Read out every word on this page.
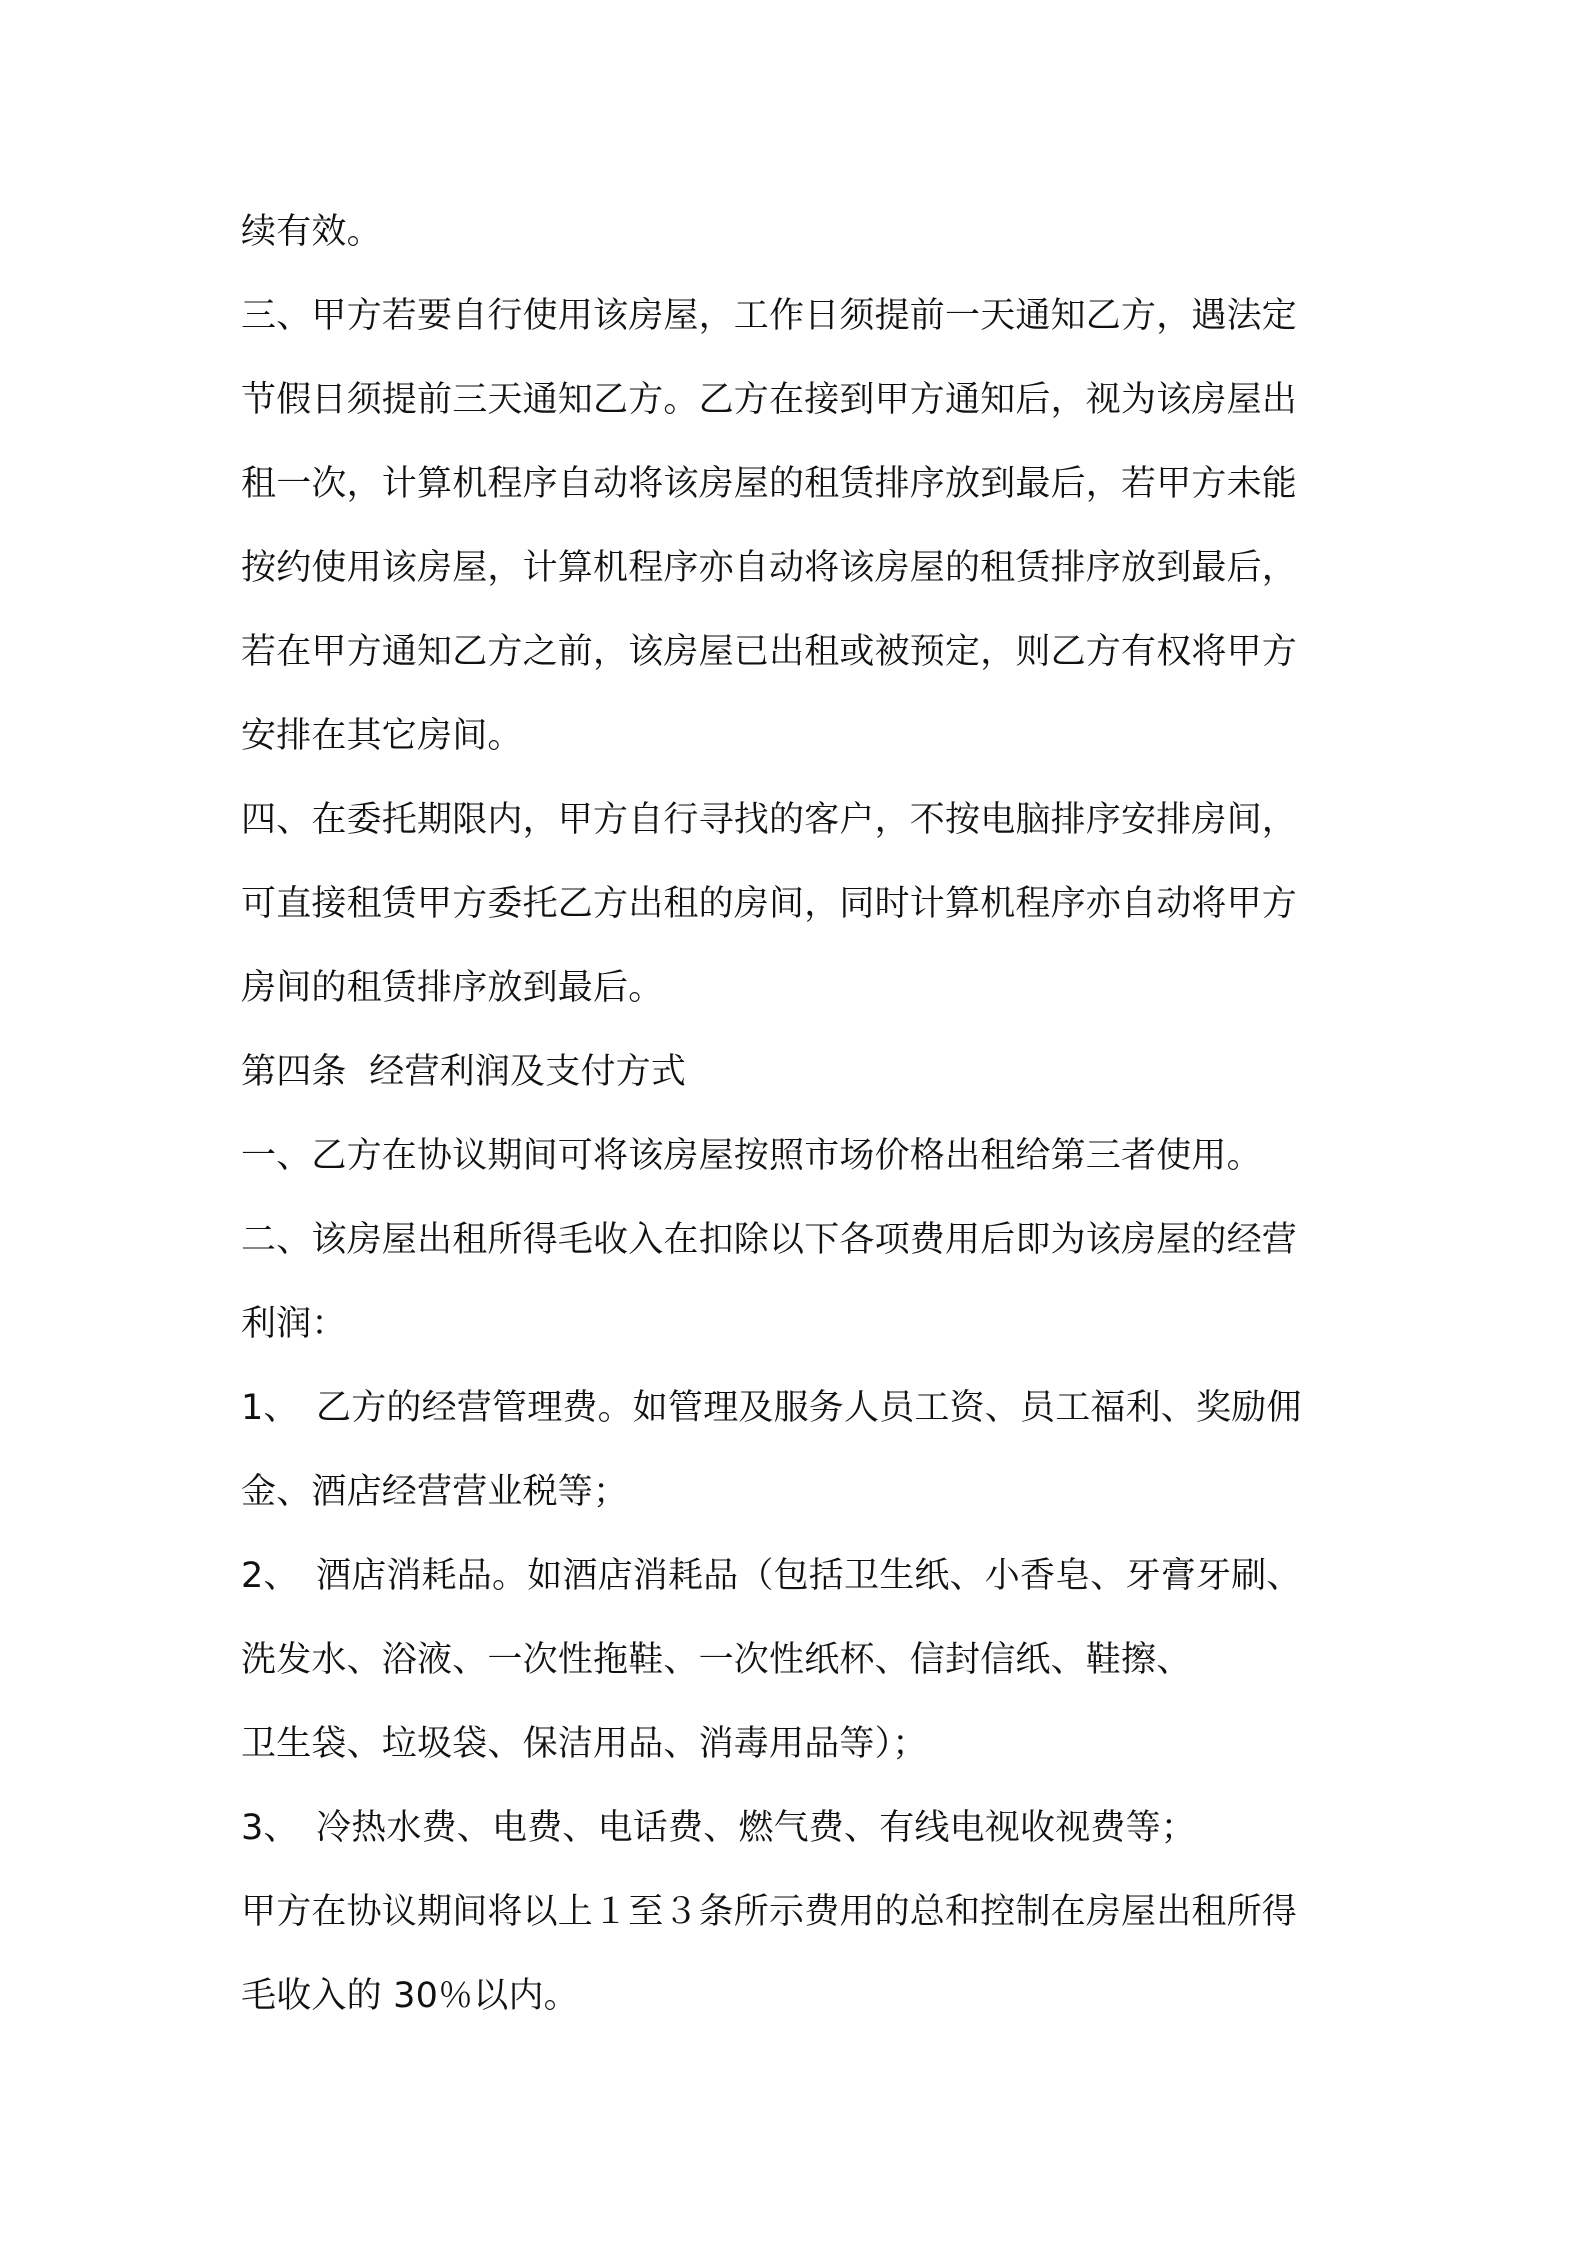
续有效。
三、甲方若要自行使用该房屋，工作日须提前一天通知乙方，遇法定
节假日须提前三天通知乙方。乙方在接到甲方通知后，视为该房屋出
租一次，计算机程序自动将该房屋的租赁排序放到最后，若甲方未能
按约使用该房屋，计算机程序亦自动将该房屋的租赁排序放到最后，
若在甲方通知乙方之前，该房屋已出租或被预定，则乙方有权将甲方
安排在其它房间。
四、在委托期限内，甲方自行寻找的客户，不按电脑排序安排房间，
可直接租赁甲方委托乙方出租的房间，同时计算机程序亦自动将甲方
房间的租赁排序放到最后。
第四条  经营利润及支付方式
一、乙方在协议期间可将该房屋按照市场价格出租给第三者使用。
二、该房屋出租所得毛收入在扣除以下各项费用后即为该房屋的经营
利润：
1、 乙方的经营管理费。如管理及服务人员工资、员工福利、奖励佣
金、酒店经营营业税等；
2、 酒店消耗品。如酒店消耗品（包括卫生纸、小香皂、牙膏牙刷、
洗发水、浴液、一次性拖鞋、一次性纸杯、信封信纸、鞋擦、
卫生袋、垃圾袋、保洁用品、消毒用品等）；
3、 冷热水费、电费、电话费、燃气费、有线电视收视费等；
甲方在协议期间将以上１至３条所示费用的总和控制在房屋出租所得
毛收入的 30％以内。
